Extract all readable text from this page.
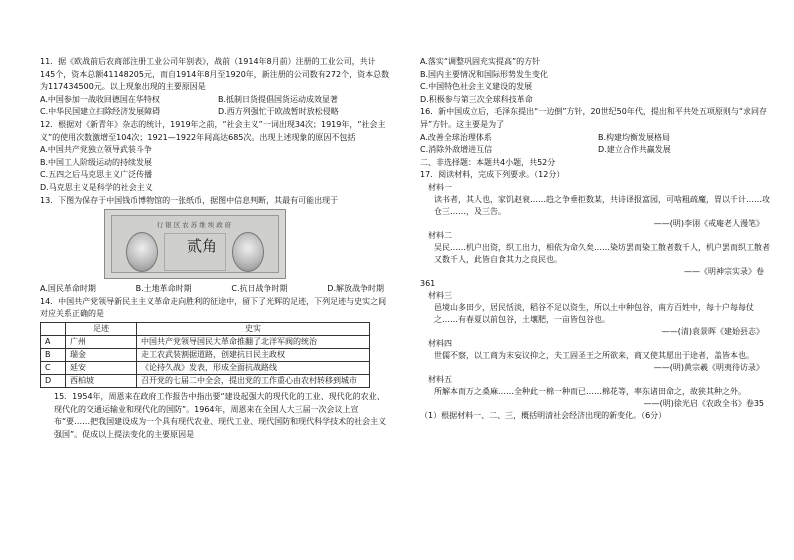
11．据《欧战前后农商部注册工业公司年别表》，战前（1914年8月前）注册的工业公司，共计145个，资本总额41148205元，而自1914年8月至1920年，新注册的公司数有272个，资本总数为117434500元。以上现象出现的主要原因是
A.中国参加一战收回德国在华特权	B.抵制日货提倡国货运动成效显著
C.中华民国建立扫除经济发展障碍	D.西方列强忙于欧战暂时放松侵略
12．根据对《新青年》杂志的统计，1919年之前，“社会主义”一词出现34次；1919年，“社会主义”的使用次数激增至104次；1921—1922年间高达685次。出现上述现象的原因不包括
A.中国共产党独立领导武装斗争
B.中国工人阶级运动的持续发展
C.五四之后马克思主义广泛传播
D.马克思主义是科学的社会主义
13．下图为保存于中国钱币博物馆的一张纸币，据图中信息判断，其最有可能出现于
行银区农苏维埃政府
贰角
A.国民革命时期	B.土地革命时期	C.抗日战争时期	D.解放战争时期
14．中国共产党领导新民主主义革命走向胜利的征途中，留下了光辉的足迹，下列足迹与史实之间对应关系正确的是
	足迹	史实
A	广州	中国共产党领导国民大革命推翻了北洋军阀的统治
B	瑞金	走工农武装割据道路，创建抗日民主政权
C	延安	《论持久战》发表，形成全面抗战路线
D	西柏坡	召开党的七届二中全会，提出党的工作重心由农村转移到城市
15．1954年，周恩来在政府工作报告中指出要“建设起强大的现代化的工业、现代化的农业、现代化的交通运输业和现代化的国防”。1964年，周恩来在全国人大三届一次会议上宣布“要……把我国建设成为一个具有现代农业、现代工业、现代国防和现代科学技术的社会主义强国”。促成以上提法变化的主要原因是
A.落实“调整巩固充实提高”的方针
B.国内主要情况和国际形势发生变化
C.中国特色社会主义建设的发展
D.积极参与第三次全球科技革命
16．新中国成立后，毛泽东提出“一边倒”方针，20世纪50年代，提出和平共处五项原则与“求同存异”方针。这主要是为了
A.改善全球治理体系	B.构建均衡发展格局
C.消除外敌增进互信	D.建立合作共赢发展
二、非选择题：本题共4小题，共52分
17．阅读材料，完成下列要求。（12分）
材料一
读书者，其人也，家饥赵衰……趋之争垂拒数某，共诗译报富园，可啥粗疏魔，胃以千计……攻仓三……，及三告。
——(明)李诩《戒庵老人漫笔》
材料二
吴民……机户出资，织工出力，相依为命久矣……染坊罢而染工散者数千人，机户罢而织工散者又数千人，此皆自食其力之良民也。
——《明神宗实录》卷
361
材料三
邑境山多田少，居民恬淡，稻谷不足以资生，所以土中种包谷，南方百姓中，每十户每每仗之……有春夏以前包谷，土壤肥，一亩皆包谷也。
——(清)袁景晖《建始县志》
材料四
世儒不察，以工商为末妄议抑之，夫工固圣王之所欲来，商又使其愿出于途者，盖皆本也。
——(明)黄宗羲《明夷待访录》
材料五
所解本而万之桑麻……全种此一棉一种而已……棉花等，率东诸田命之，故狭其种之外。
——(明)徐光启《农政全书》卷35
（1）根据材料一、二、三，概括明清社会经济出现的新变化。（6分）
